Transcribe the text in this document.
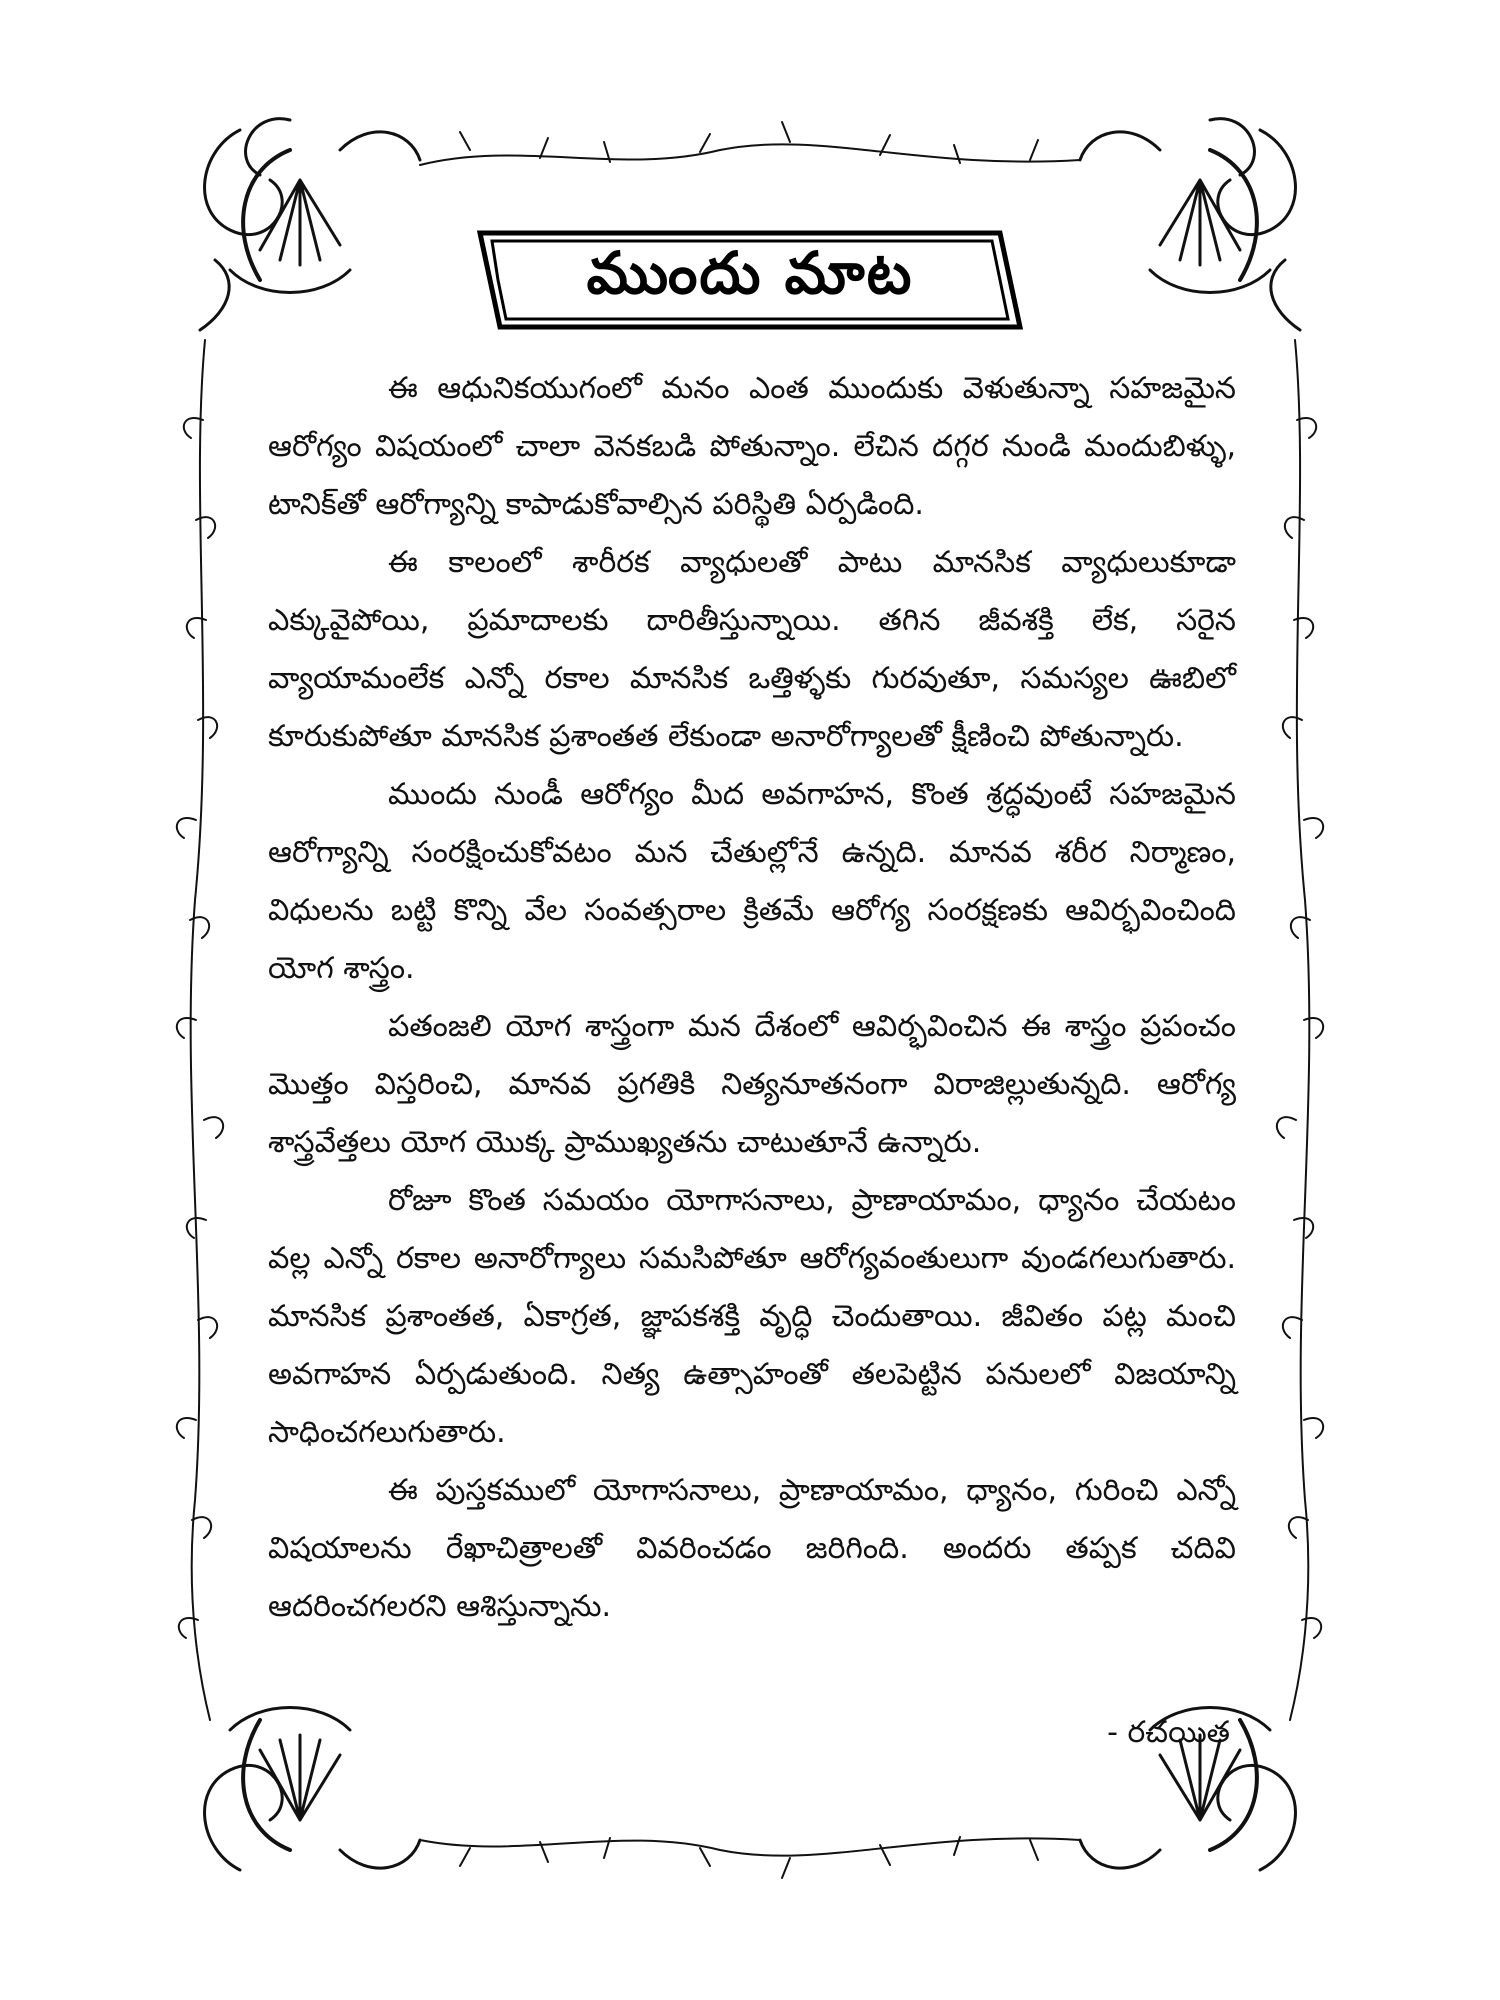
ముందు మాట

ఈ ఆధునికయుగంలో మనం ఎంత ముందుకు వెళుతున్నా సహజమైన ఆరోగ్యం విషయంలో చాలా వెనకబడి పోతున్నాం. లేచిన దగ్గర నుండి మందుబిళ్ళు, టానిక్‌తో ఆరోగ్యాన్ని కాపాడుకోవాల్సిన పరిస్థితి ఏర్పడింది.

ఈ కాలంలో శారీరక వ్యాధులతో పాటు మానసిక వ్యాధులుకూడా ఎక్కువైపోయి, ప్రమాదాలకు దారితీస్తున్నాయి. తగిన జీవశక్తి లేక, సరైన వ్యాయామంలేక ఎన్నో రకాల మానసిక ఒత్తిళ్ళకు గురవుతూ, సమస్యల ఊబిలో కూరుకుపోతూ మానసిక ప్రశాంతత లేకుండా అనారోగ్యాలతో క్షీణించి పోతున్నారు.

ముందు నుండీ ఆరోగ్యం మీద అవగాహన, కొంత శ్రద్ధవుంటే సహజమైన ఆరోగ్యాన్ని సంరక్షించుకోవటం మన చేతుల్లోనే ఉన్నది. మానవ శరీర నిర్మాణం, విధులను బట్టి కొన్ని వేల సంవత్సరాల క్రితమే ఆరోగ్య సంరక్షణకు ఆవిర్భవించింది యోగ శాస్త్రం.

పతంజలి యోగ శాస్త్రంగా మన దేశంలో ఆవిర్భవించిన ఈ శాస్త్రం ప్రపంచం మొత్తం విస్తరించి, మానవ ప్రగతికి నిత్యనూతనంగా విరాజిల్లుతున్నది. ఆరోగ్య శాస్త్రవేత్తలు యోగ యొక్క ప్రాముఖ్యతను చాటుతూనే ఉన్నారు.

రోజూ కొంత సమయం యోగాసనాలు, ప్రాణాయామం, ధ్యానం చేయటం వల్ల ఎన్నో రకాల అనారోగ్యాలు సమసిపోతూ ఆరోగ్యవంతులుగా వుండగలుగుతారు. మానసిక ప్రశాంతత, ఏకాగ్రత, జ్ఞాపకశక్తి వృద్ధి చెందుతాయి. జీవితం పట్ల మంచి అవగాహన ఏర్పడుతుంది. నిత్య ఉత్సాహంతో తలపెట్టిన పనులలో విజయాన్ని సాధించగలుగుతారు.

ఈ పుస్తకములో యోగాసనాలు, ప్రాణాయామం, ధ్యానం, గురించి ఎన్నో విషయాలను రేఖాచిత్రాలతో వివరించడం జరిగింది. అందరు తప్పక చదివి ఆదరించగలరని ఆశిస్తున్నాను.

- రచయిత
